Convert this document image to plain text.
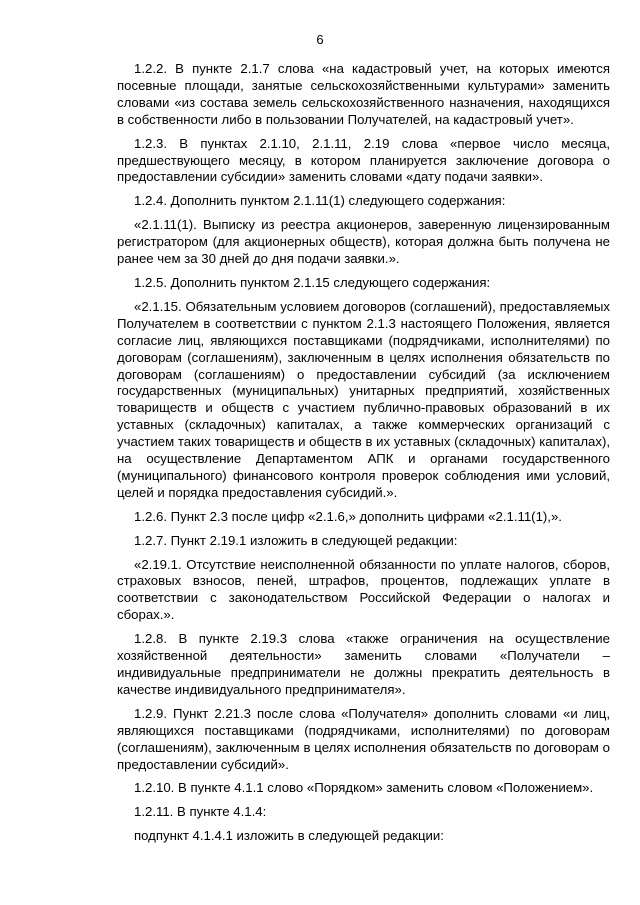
6

1.2.2. В пункте 2.1.7 слова «на кадастровый учет, на которых имеются посевные площади, занятые сельскохозяйственными культурами» заменить словами «из состава земель сельскохозяйственного назначения, находящихся в собственности либо в пользовании Получателей, на кадастровый учет».

1.2.3. В пунктах 2.1.10, 2.1.11, 2.19 слова «первое число месяца, предшествующего месяцу, в котором планируется заключение договора о предоставлении субсидии» заменить словами «дату подачи заявки».

1.2.4. Дополнить пунктом 2.1.11(1) следующего содержания:

«2.1.11(1). Выписку из реестра акционеров, заверенную лицензированным регистратором (для акционерных обществ), которая должна быть получена не ранее чем за 30 дней до дня подачи заявки.».

1.2.5. Дополнить пунктом 2.1.15 следующего содержания:

«2.1.15. Обязательным условием договоров (соглашений), предоставляемых Получателем в соответствии с пунктом 2.1.3 настоящего Положения, является согласие лиц, являющихся поставщиками (подрядчиками, исполнителями) по договорам (соглашениям), заключенным в целях исполнения обязательств по договорам (соглашениям) о предоставлении субсидий (за исключением государственных (муниципальных) унитарных предприятий, хозяйственных товариществ и обществ с участием публично-правовых образований в их уставных (складочных) капиталах, а также коммерческих организаций с участием таких товариществ и обществ в их уставных (складочных) капиталах), на осуществление Департаментом АПК и органами государственного (муниципального) финансового контроля проверок соблюдения ими условий, целей и порядка предоставления субсидий.».

1.2.6. Пункт 2.3 после цифр «2.1.6,» дополнить цифрами «2.1.11(1),».

1.2.7. Пункт 2.19.1 изложить в следующей редакции:

«2.19.1. Отсутствие неисполненной обязанности по уплате налогов, сборов, страховых взносов, пеней, штрафов, процентов, подлежащих уплате в соответствии с законодательством Российской Федерации о налогах и сборах.».

1.2.8. В пункте 2.19.3 слова «также ограничения на осуществление хозяйственной деятельности» заменить словами «Получатели – индивидуальные предприниматели не должны прекратить деятельность в качестве индивидуального предпринимателя».

1.2.9. Пункт 2.21.3 после слова «Получателя» дополнить словами «и лиц, являющихся поставщиками (подрядчиками, исполнителями) по договорам (соглашениям), заключенным в целях исполнения обязательств по договорам о предоставлении субсидий».

1.2.10. В пункте 4.1.1 слово «Порядком» заменить словом «Положением».

1.2.11. В пункте 4.1.4:

подпункт 4.1.4.1 изложить в следующей редакции:
